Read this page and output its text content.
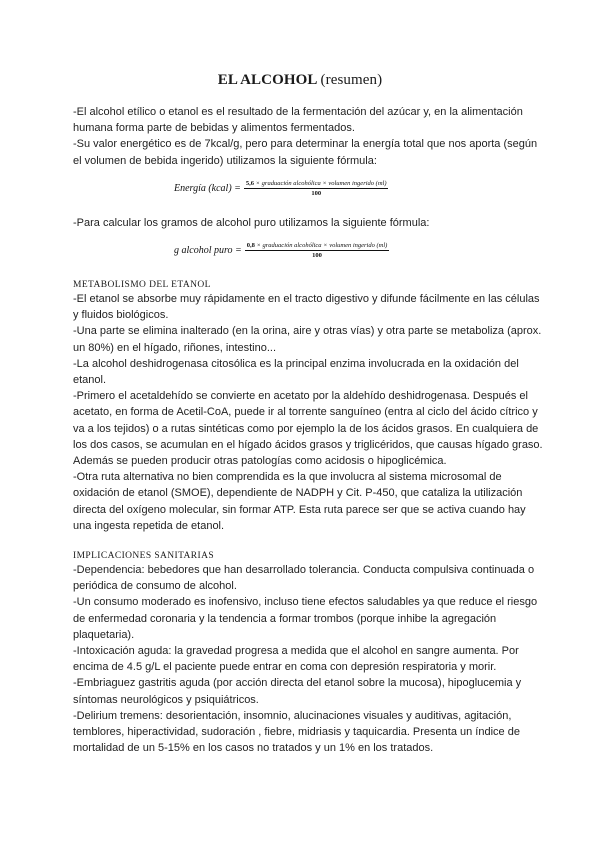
EL ALCOHOL (resumen)

-El alcohol etílico o etanol es el resultado de la fermentación del azúcar y, en la alimentación humana forma parte de bebidas y alimentos fermentados.

-Su valor energético es de 7kcal/g, pero para determinar la energía total que nos aporta (según el volumen de bebida ingerido) utilizamos la siguiente fórmula:

Energía (kcal) = $\frac{\text{5,6 × graduación alcohólica × volumen ingerido (ml)}}{100}$

-Para calcular los gramos de alcohol puro utilizamos la siguiente fórmula:

g alcohol puro = $\frac{\text{0,8 × graduación alcohólica × volumen ingerido (ml)}}{100}$
METABOLISMO DEL ETANOL

-El etanol se absorbe muy rápidamente en el tracto digestivo y difunde fácilmente en las células y fluidos biológicos.

-Una parte se elimina inalterado (en la orina, aire y otras vías) y otra parte se metaboliza (aprox. un 80%) en el hígado, riñones, intestino...

-La alcohol deshidrogenasa citosólica es la principal enzima involucrada en la oxidación del etanol.

-Primero el acetaldehído se convierte en acetato por la aldehído deshidrogenasa. Después el acetato, en forma de Acetil-CoA, puede ir al torrente sanguíneo (entra al ciclo del ácido cítrico y va a los tejidos) o a rutas sintéticas como por ejemplo la de los ácidos grasos. En cualquiera de los dos casos, se acumulan en el hígado ácidos grasos y triglicéridos, que causas hígado graso. Además se pueden producir otras patologías como acidosis o hipoglicémica.

-Otra ruta alternativa no bien comprendida es la que involucra al sistema microsomal de oxidación de etanol (SMOE), dependiente de NADPH y Cit. P-450, que cataliza la utilización directa del oxígeno molecular, sin formar ATP. Esta ruta parece ser que se activa cuando hay una ingesta repetida de etanol.

IMPLICACIONES SANITARIAS

-Dependencia: bebedores que han desarrollado tolerancia. Conducta compulsiva continuada o periódica de consumo de alcohol.

-Un consumo moderado es inofensivo, incluso tiene efectos saludables ya que reduce el riesgo de enfermedad coronaria y la tendencia a formar trombos (porque inhibe la agregación plaquetaria).

-Intoxicación aguda: la gravedad progresa a medida que el alcohol en sangre aumenta. Por encima de 4.5 g/L el paciente puede entrar en coma con depresión respiratoria y morir.

-Embriaguez gastritis aguda (por acción directa del etanol sobre la mucosa), hipoglucemia y síntomas neurológicos y psiquiátricos.

-Delirium tremens: desorientación, insomnio, alucinaciones visuales y auditivas, agitación, temblores, hiperactividad, sudoración , fiebre, midriasis y taquicardia. Presenta un índice de mortalidad de un 5-15% en los casos no tratados y un 1% en los tratados.
